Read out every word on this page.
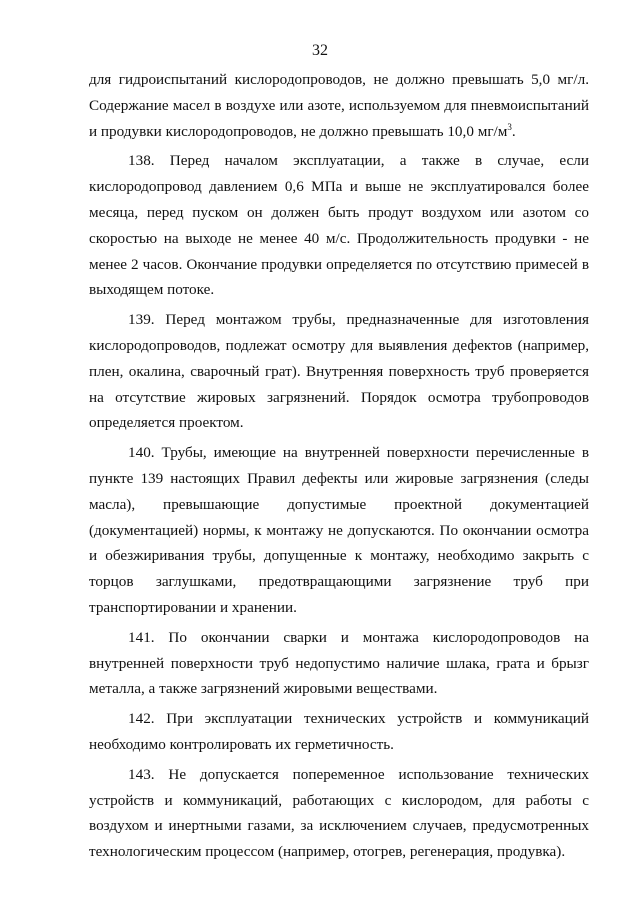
32

для гидроиспытаний кислородопроводов, не должно превышать 5,0 мг/л. Содержание масел в воздухе или азоте, используемом для пневмоиспытаний и продувки кислородопроводов, не должно превышать 10,0 $мг/м^3$.

138. Перед началом эксплуатации, а также в случае, если кислородопровод давлением 0,6 МПа и выше не эксплуатировался более месяца, перед пуском он должен быть продут воздухом или азотом со скоростью на выходе не менее 40 м/с. Продолжительность продувки - не менее 2 часов. Окончание продувки определяется по отсутствию примесей в выходящем потоке.

139. Перед монтажом трубы, предназначенные для изготовления кислородопроводов, подлежат осмотру для выявления дефектов (например, плен, окалина, сварочный грат). Внутренняя поверхность труб проверяется на отсутствие жировых загрязнений. Порядок осмотра трубопроводов определяется проектом.

140. Трубы, имеющие на внутренней поверхности перечисленные в пункте 139 настоящих Правил дефекты или жировые загрязнения (следы масла), превышающие допустимые проектной документацией (документацией) нормы, к монтажу не допускаются. По окончании осмотра и обезжиривания трубы, допущенные к монтажу, необходимо закрыть с торцов заглушками, предотвращающими загрязнение труб при транспортировании и хранении.

141. По окончании сварки и монтажа кислородопроводов на внутренней поверхности труб недопустимо наличие шлака, грата и брызг металла, а также загрязнений жировыми веществами.

142. При эксплуатации технических устройств и коммуникаций необходимо контролировать их герметичность.

143. Не допускается попеременное использование технических устройств и коммуникаций, работающих с кислородом, для работы с воздухом и инертными газами, за исключением случаев, предусмотренных технологическим процессом (например, отогрев, регенерация, продувка).
